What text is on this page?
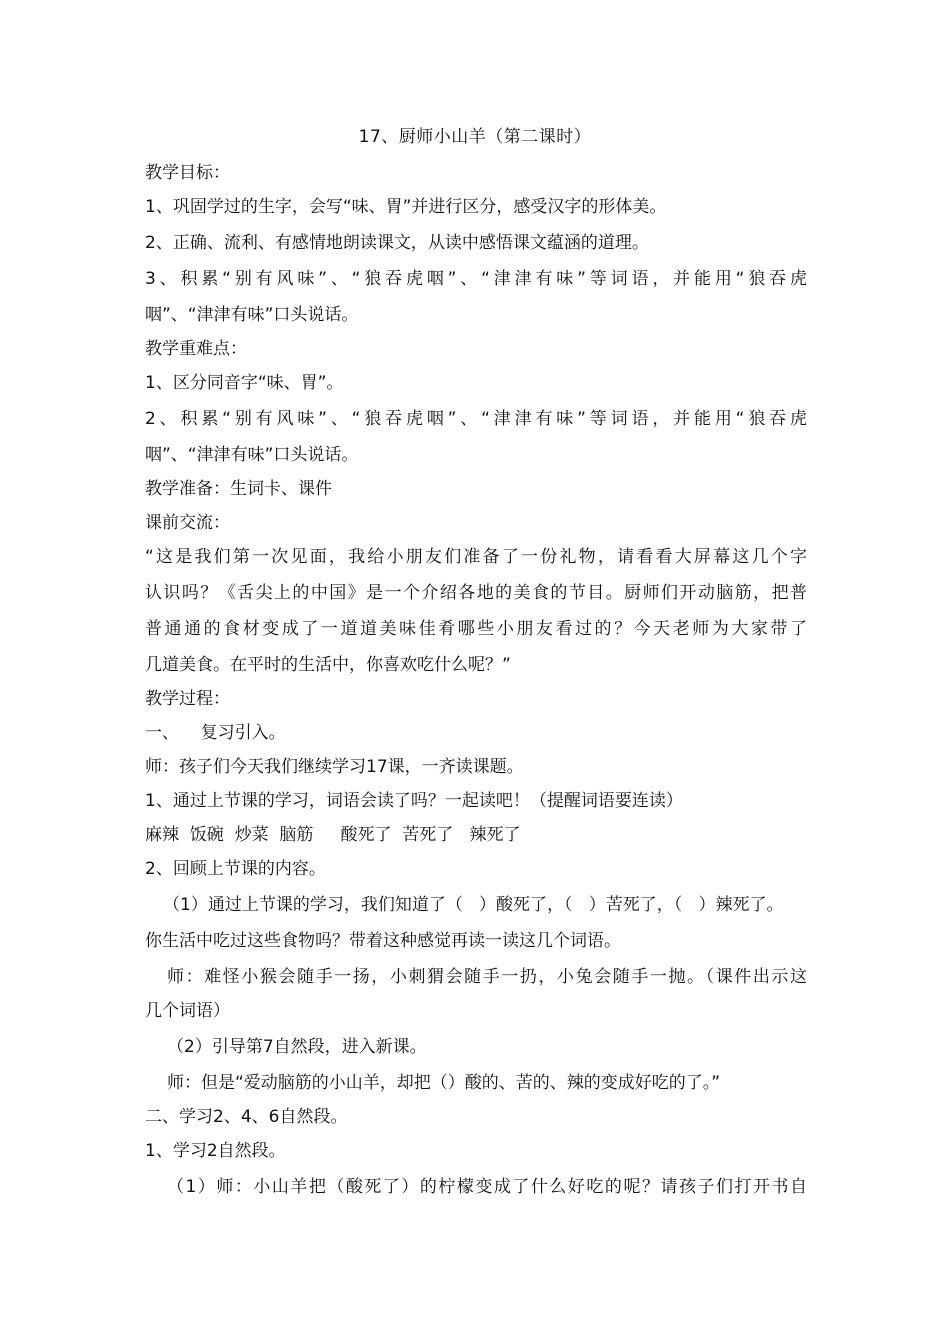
17、厨师小山羊（第二课时）

教学目标：

1、巩固学过的生字，会写“味、胃”并进行区分，感受汉字的形体美。

2、正确、流利、有感情地朗读课文，从读中感悟课文蕴涵的道理。

3、积累“别有风味”、“狼吞虎咽”、“津津有味”等词语，并能用“狼吞虎

咽”、“津津有味”口头说话。

教学重难点：

1、区分同音字“味、胃”。

2、积累“别有风味”、“狼吞虎咽”、“津津有味”等词语，并能用“狼吞虎

咽”、“津津有味”口头说话。

教学准备：生词卡、课件

课前交流：

“这是我们第一次见面，我给小朋友们准备了一份礼物，请看看大屏幕这几个字

认识吗？《舌尖上的中国》是一个介绍各地的美食的节目。厨师们开动脑筋，把普

普通通的食材变成了一道道美味佳肴哪些小朋友看过的？今天老师为大家带了

几道美食。在平时的生活中，你喜欢吃什么呢？”

教学过程：

一、    复习引入。

师：孩子们今天我们继续学习17课，一齐读课题。

1、通过上节课的学习，词语会读了吗？一起读吧！（提醒词语要连读）

麻辣  饭碗  炒菜  脑筋     酸死了  苦死了   辣死了

2、回顾上节课的内容。

（1）通过上节课的学习，我们知道了（   ）酸死了，（   ）苦死了，（   ）辣死了。

你生活中吃过这些食物吗？带着这种感觉再读一读这几个词语。

师：难怪小猴会随手一扬，小刺猬会随手一扔，小兔会随手一抛。（课件出示这

几个词语）

（2）引导第7自然段，进入新课。

师：但是“爱动脑筋的小山羊，却把（）酸的、苦的、辣的变成好吃的了。”

二、学习2、4、6自然段。

1、学习2自然段。

（1）师：小山羊把（酸死了）的柠檬变成了什么好吃的呢？请孩子们打开书自
